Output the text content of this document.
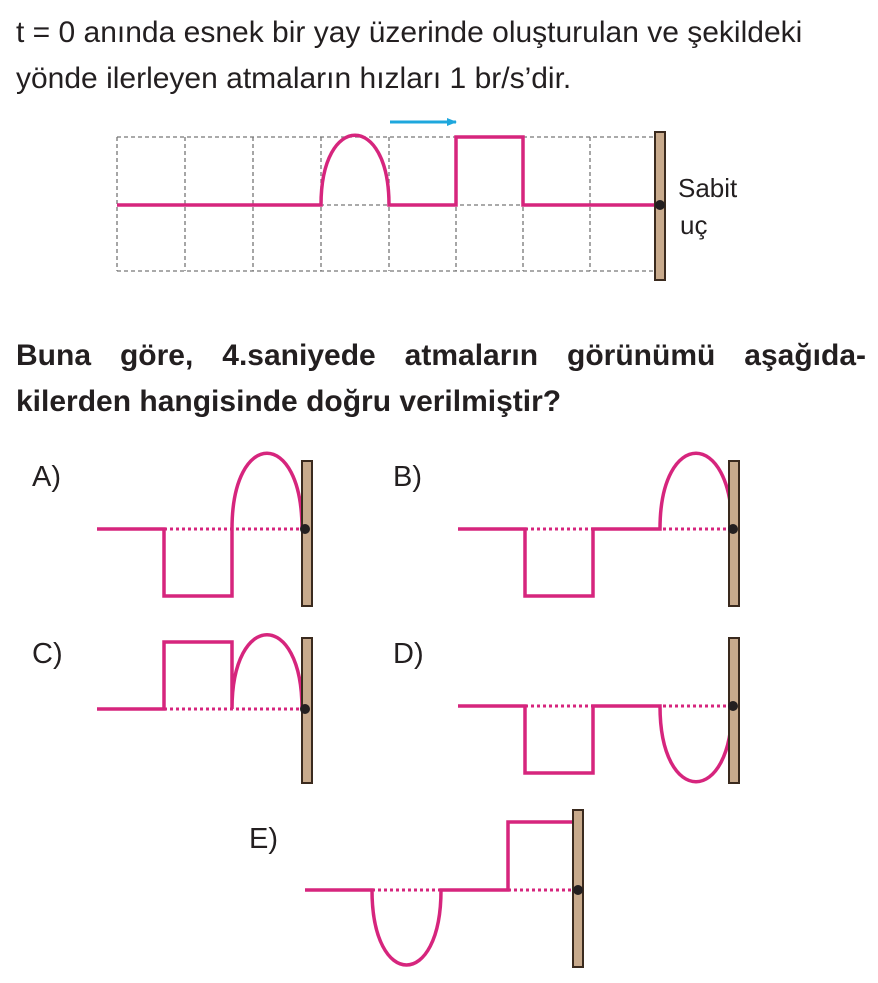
t = 0 anında esnek bir yay üzerinde oluşturulan ve şekildeki

yönde ilerleyen atmaların hızları 1 br/s’dir.

Buna göre, 4.saniyede atmaların görünümü aşağıda-

kilerden hangisinde doğru verilmiştir?

Sabit
uç
A)	B)
C)	D)
E)
